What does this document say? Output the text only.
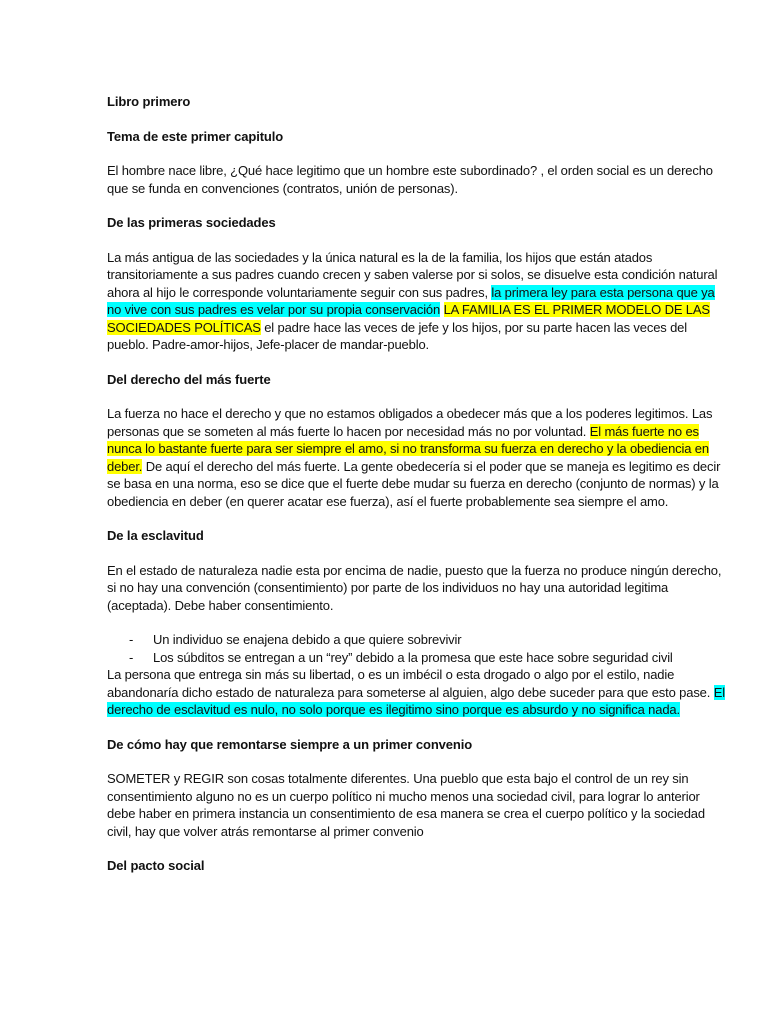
Libro primero
Tema de este primer capitulo

El hombre nace libre, ¿Qué hace legitimo que un hombre este subordinado? , el orden social es un derecho que se funda en convenciones (contratos, unión de personas).

De las primeras sociedades

La más antigua de las sociedades y la única natural es la de la familia, los hijos que están atados transitoriamente a sus padres cuando crecen y saben valerse por si solos, se disuelve esta condición natural ahora al hijo le corresponde voluntariamente seguir con sus padres, la primera ley para esta persona que ya no vive con sus padres es velar por su propia conservación LA FAMILIA ES EL PRIMER MODELO DE LAS SOCIEDADES POLÍTICAS el padre hace las veces de jefe y los hijos, por su parte hacen las veces del pueblo. Padre-amor-hijos, Jefe-placer de mandar-pueblo.

Del derecho del más fuerte

La fuerza no hace el derecho y que no estamos obligados a obedecer más que a los poderes legitimos. Las personas que se someten al más fuerte lo hacen por necesidad más no por voluntad. El más fuerte no es nunca lo bastante fuerte para ser siempre el amo, si no transforma su fuerza en derecho y la obediencia en deber. De aquí el derecho del más fuerte. La gente obedecería si el poder que se maneja es legitimo es decir se basa en una norma, eso se dice que el fuerte debe mudar su fuerza en derecho (conjunto de normas) y la obediencia en deber (en querer acatar ese fuerza), así el fuerte probablemente sea siempre el amo.

De la esclavitud

En el estado de naturaleza nadie esta por encima de nadie, puesto que la fuerza no produce ningún derecho, si no hay una convención (consentimiento) por parte de los individuos no hay una autoridad legitima (aceptada). Debe haber consentimiento.

- Un individuo se enajena debido a que quiere sobrevivir
- Los súbditos se entregan a un “rey” debido a la promesa que este hace sobre seguridad civil

La persona que entrega sin más su libertad, o es un imbécil o esta drogado o algo por el estilo, nadie abandonaría dicho estado de naturaleza para someterse al alguien, algo debe suceder para que esto pase. El derecho de esclavitud es nulo, no solo porque es ilegitimo sino porque es absurdo y no significa nada.

De cómo hay que remontarse siempre a un primer convenio

SOMETER y REGIR son cosas totalmente diferentes. Una pueblo que esta bajo el control de un rey sin consentimiento alguno no es un cuerpo político ni mucho menos una sociedad civil, para lograr lo anterior debe haber en primera instancia un consentimiento de esa manera se crea el cuerpo político y la sociedad civil, hay que volver atrás remontarse al primer convenio

Del pacto social
